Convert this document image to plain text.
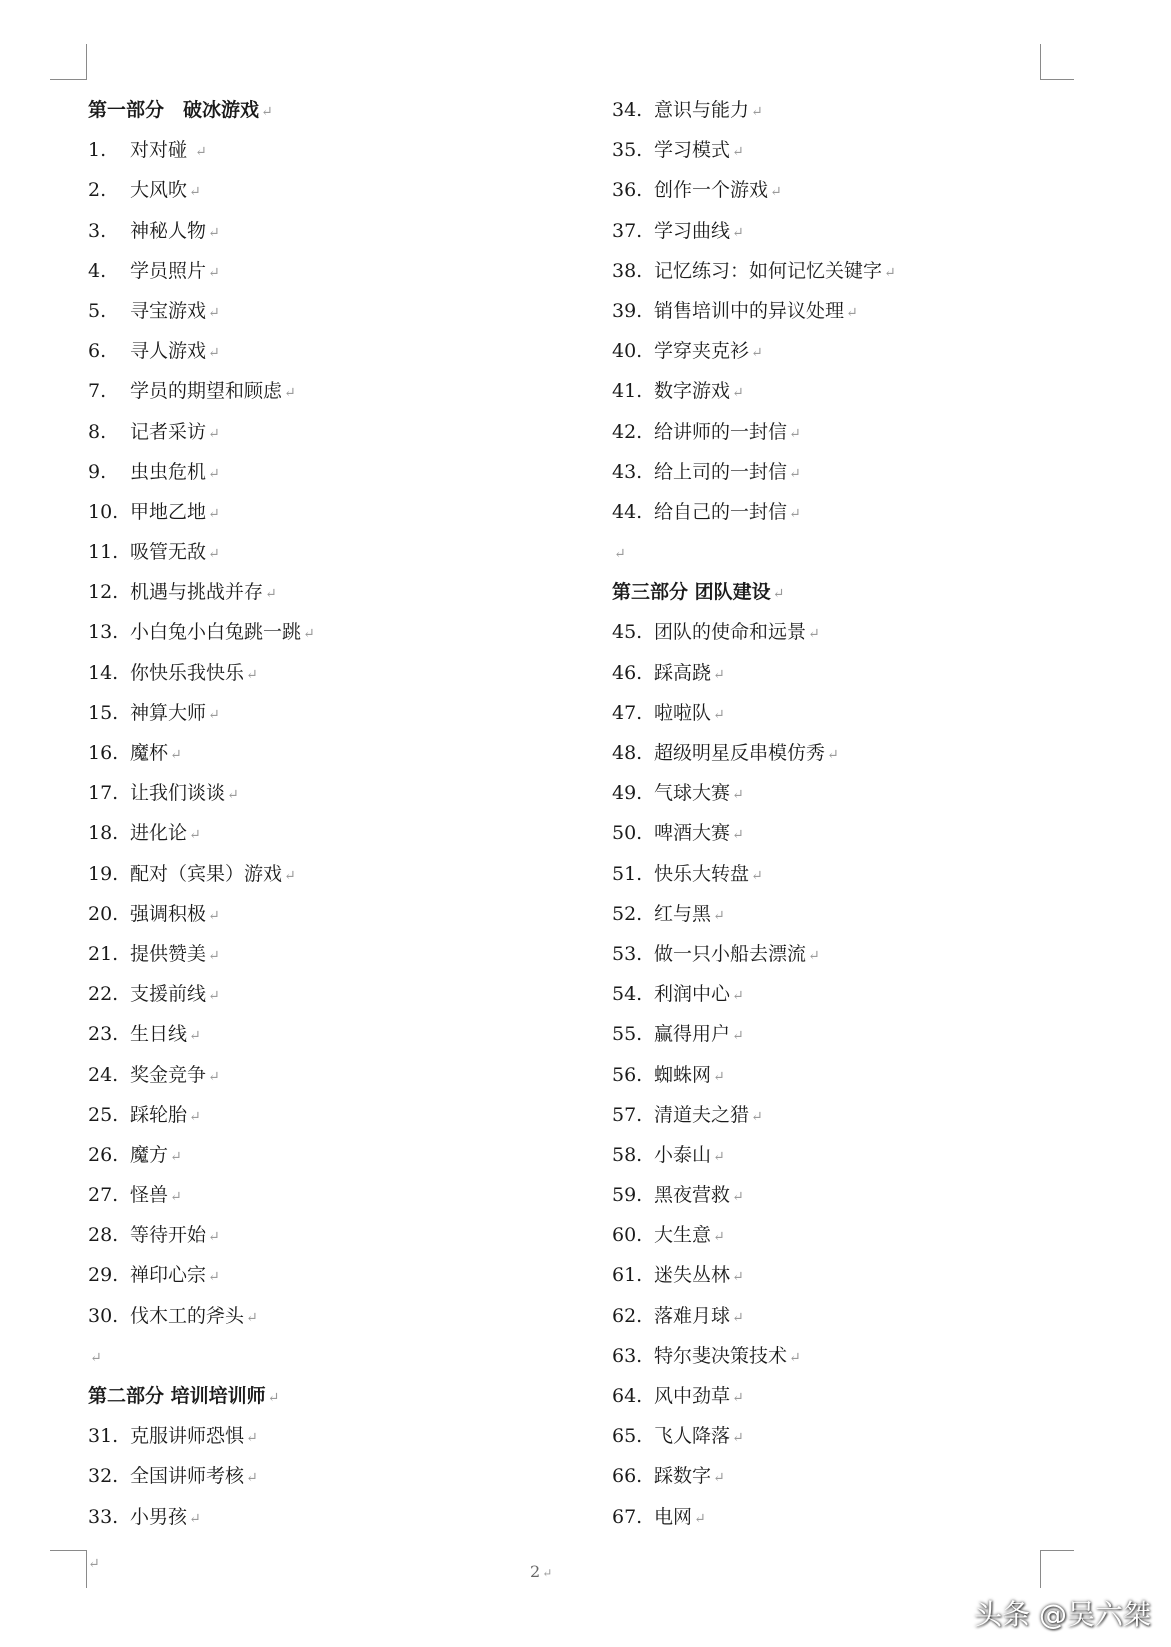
第一部分　破冰游戏 ↵
1. 对对碰 ↵
2. 大风吹 ↵
3. 神秘人物 ↵
4. 学员照片 ↵
5. 寻宝游戏 ↵
6. 寻人游戏 ↵
7. 学员的期望和顾虑 ↵
8. 记者采访 ↵
9. 虫虫危机 ↵
10. 甲地乙地 ↵
11. 吸管无敌 ↵
12. 机遇与挑战并存 ↵
13. 小白兔小白兔跳一跳 ↵
14. 你快乐我快乐 ↵
15. 神算大师 ↵
16. 魔杯 ↵
17. 让我们谈谈 ↵
18. 进化论 ↵
19. 配对（宾果）游戏 ↵
20. 强调积极 ↵
21. 提供赞美 ↵
22. 支援前线 ↵
23. 生日线 ↵
24. 奖金竞争 ↵
25. 踩轮胎 ↵
26. 魔方 ↵
27. 怪兽 ↵
28. 等待开始 ↵
29. 禅印心宗 ↵
30. 伐木工的斧头 ↵
↵
第二部分 培训培训师 ↵
31. 克服讲师恐惧 ↵
32. 全国讲师考核 ↵
33. 小男孩 ↵
34. 意识与能力 ↵
35. 学习模式 ↵
36. 创作一个游戏 ↵
37. 学习曲线 ↵
38. 记忆练习：如何记忆关键字 ↵
39. 销售培训中的异议处理 ↵
40. 学穿夹克衫 ↵
41. 数字游戏 ↵
42. 给讲师的一封信 ↵
43. 给上司的一封信 ↵
44. 给自己的一封信 ↵
↵
第三部分 团队建设 ↵
45. 团队的使命和远景 ↵
46. 踩高跷 ↵
47. 啦啦队 ↵
48. 超级明星反串模仿秀 ↵
49. 气球大赛 ↵
50. 啤酒大赛 ↵
51. 快乐大转盘 ↵
52. 红与黑 ↵
53. 做一只小船去漂流 ↵
54. 利润中心 ↵
55. 赢得用户 ↵
56. 蜘蛛网 ↵
57. 清道夫之猎 ↵
58. 小泰山 ↵
59. 黑夜营救 ↵
60. 大生意 ↵
61. 迷失丛林 ↵
62. 落难月球 ↵
63. 特尔斐决策技术 ↵
64. 风中劲草 ↵
65. 飞人降落 ↵
66. 踩数字 ↵
67. 电网 ↵
↵	2 ↵
头条 @吴六桀
